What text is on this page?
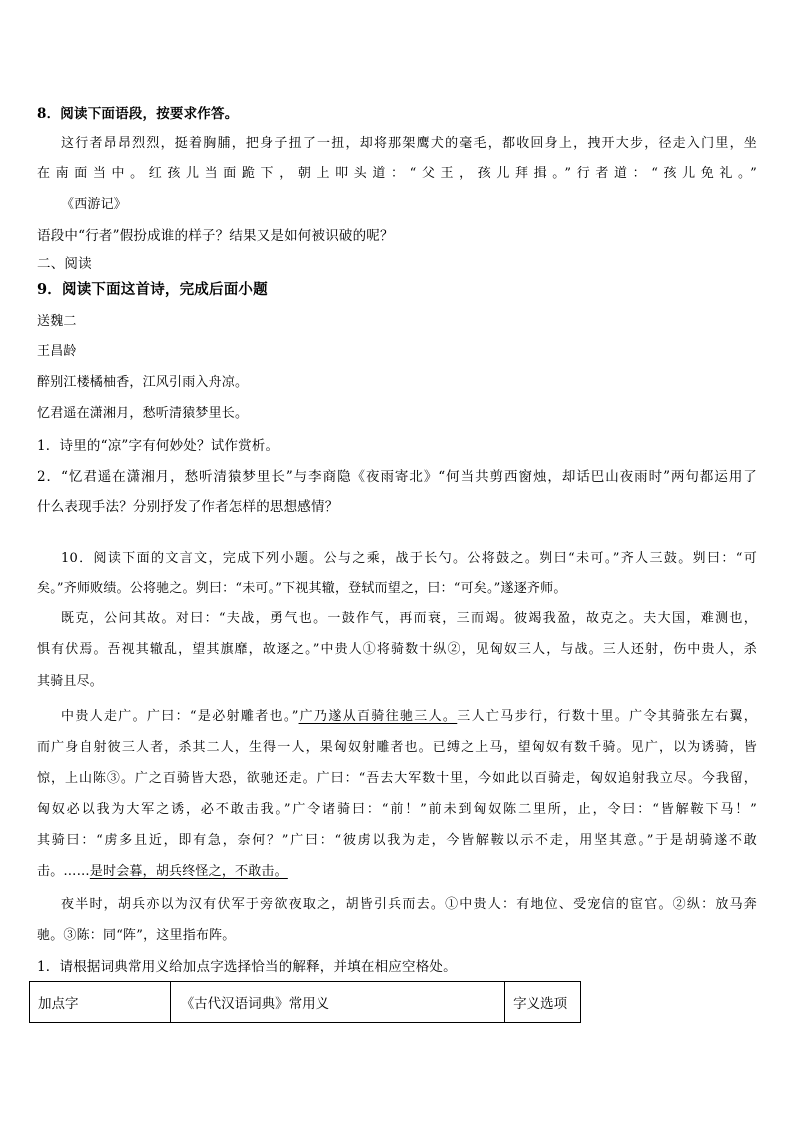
8．阅读下面语段，按要求作答。
这行者昂昂烈烈，挺着胸脯，把身子扭了一扭，却将那架鹰犬的毫毛，都收回身上，拽开大步，径走入门里，坐
在南面当中。红孩儿当面跪下，朝上叩头道：“父王，孩儿拜揖。”行者道：“孩儿免礼。”
《西游记》
语段中“行者”假扮成谁的样子？结果又是如何被识破的呢？
二、阅读
9．阅读下面这首诗，完成后面小题
送魏二
王昌龄
醉别江楼橘柚香，江风引雨入舟凉。
忆君遥在潇湘月，愁听清猿梦里长。
1．诗里的“凉”字有何妙处？试作赏析。
2．“忆君遥在潇湘月，愁听清猿梦里长”与李商隐《夜雨寄北》“何当共剪西窗烛，却话巴山夜雨时”两句都运用了
什么表现手法？分别抒发了作者怎样的思想感情？
10．阅读下面的文言文，完成下列小题。公与之乘，战于长勺。公将鼓之。刿曰“未可。”齐人三鼓。刿曰：“可
矣。”齐师败绩。公将驰之。刿曰：“未可。”下视其辙，登轼而望之，曰：“可矣。”遂逐齐师。
既克，公问其故。对曰：“夫战，勇气也。一鼓作气，再而衰，三而竭。彼竭我盈，故克之。夫大国，难测也，
惧有伏焉。吾视其辙乱，望其旗靡，故逐之。”中贵人①将骑数十纵②，见匈奴三人，与战。三人还射，伤中贵人，杀
其骑且尽。
中贵人走广。广曰：“是必射雕者也。”广乃遂从百骑往驰三人。三人亡马步行，行数十里。广令其骑张左右翼，
而广身自射彼三人者，杀其二人，生得一人，果匈奴射雕者也。已缚之上马，望匈奴有数千骑。见广，以为诱骑，皆
惊，上山陈③。广之百骑皆大恐，欲驰还走。广曰：“吾去大军数十里，今如此以百骑走，匈奴追射我立尽。今我留，
匈奴必以我为大军之诱，必不敢击我。”广令诸骑曰：“前！”前未到匈奴陈二里所，止，令曰：“皆解鞍下马！”
其骑曰：“虏多且近，即有急，奈何？”广曰：“彼虏以我为走，今皆解鞍以示不走，用坚其意。”于是胡骑遂不敢
击。……是时会暮，胡兵终怪之，不敢击。
夜半时，胡兵亦以为汉有伏军于旁欲夜取之，胡皆引兵而去。①中贵人：有地位、受宠信的宦官。②纵：放马奔
驰。③陈：同“阵”，这里指布阵。
1．请根据词典常用义给加点字选择恰当的解释，并填在相应空格处。
加点字	《古代汉语词典》常用义	字义选项
